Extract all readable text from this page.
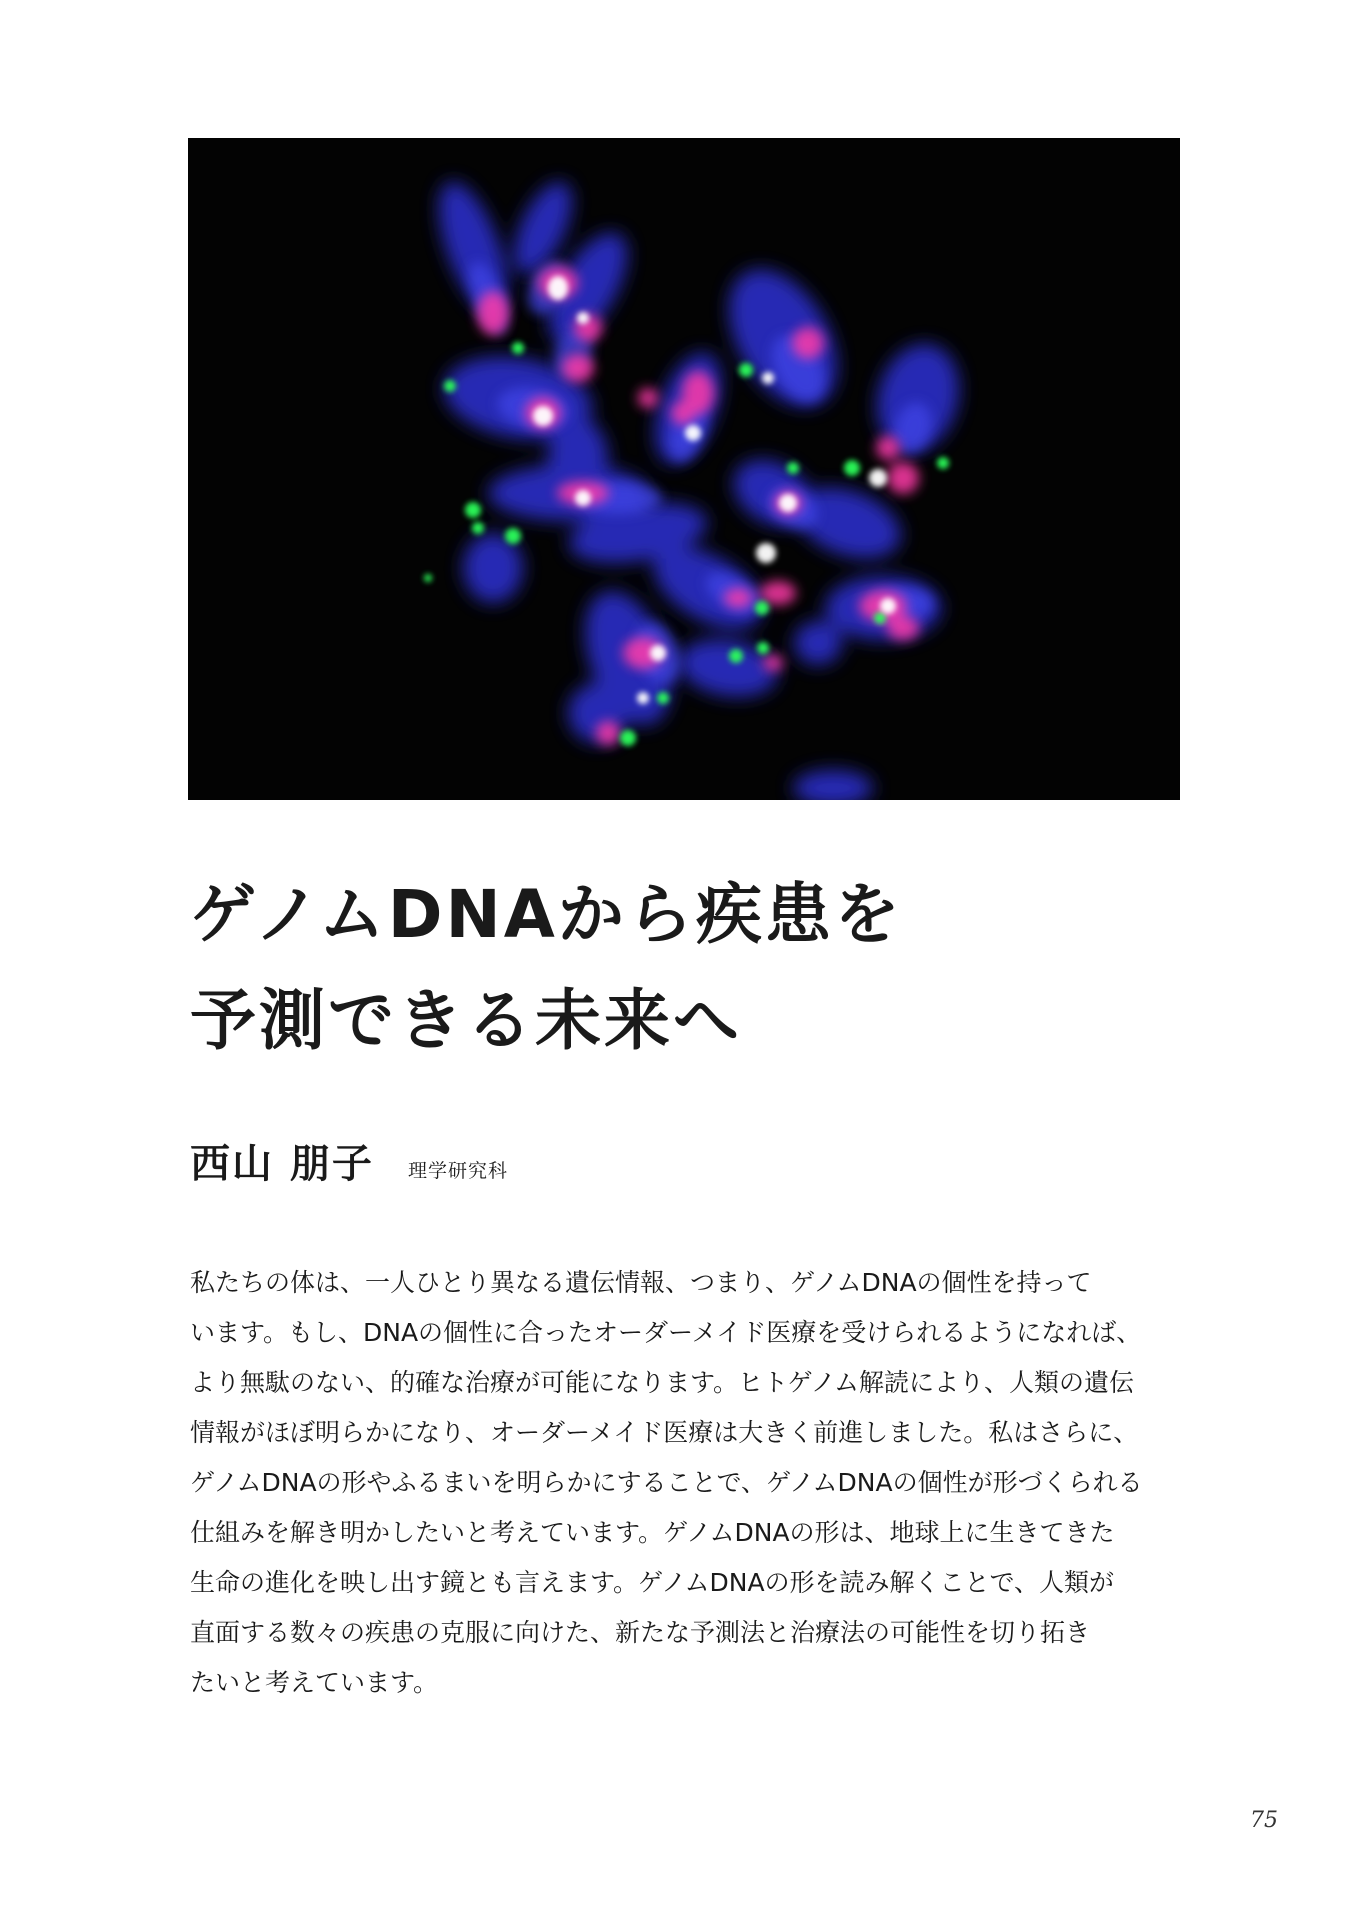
ゲノムDNAから疾患を
予測できる未来へ
西山 朋子 理学研究科
私たちの体は、一人ひとり異なる遺伝情報、つまり、ゲノムDNAの個性を持って
います。もし、DNAの個性に合ったオーダーメイド医療を受けられるようになれば、
より無駄のない、的確な治療が可能になります。ヒトゲノム解読により、人類の遺伝
情報がほぼ明らかになり、オーダーメイド医療は大きく前進しました。私はさらに、
ゲノムDNAの形やふるまいを明らかにすることで、ゲノムDNAの個性が形づくられる
仕組みを解き明かしたいと考えています。ゲノムDNAの形は、地球上に生きてきた
生命の進化を映し出す鏡とも言えます。ゲノムDNAの形を読み解くことで、人類が
直面する数々の疾患の克服に向けた、新たな予測法と治療法の可能性を切り拓き
たいと考えています。
75
